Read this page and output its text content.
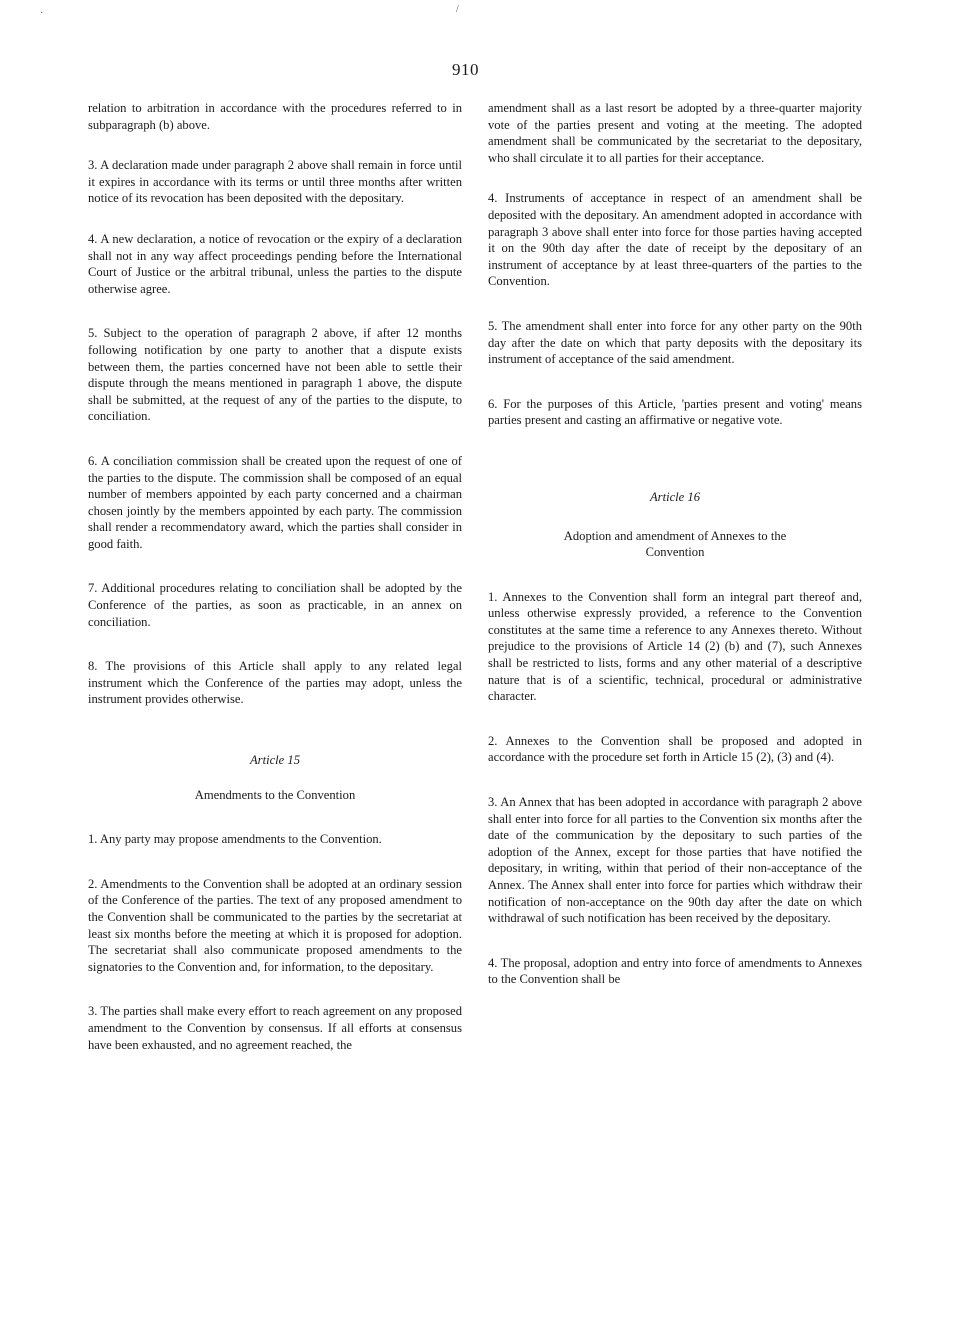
910
·	/

relation to arbitration in accordance with the procedures referred to in subparagraph (b) above.

3. A declaration made under paragraph 2 above shall remain in force until it expires in accordance with its terms or until three months after written notice of its revocation has been deposited with the depositary.

4. A new declaration, a notice of revocation or the expiry of a declaration shall not in any way affect proceedings pending before the International Court of Justice or the arbitral tribunal, unless the parties to the dispute otherwise agree.

5. Subject to the operation of paragraph 2 above, if after 12 months following notification by one party to another that a dispute exists between them, the parties concerned have not been able to settle their dispute through the means mentioned in paragraph 1 above, the dispute shall be submitted, at the request of any of the parties to the dispute, to conciliation.

6. A conciliation commission shall be created upon the request of one of the parties to the dispute. The commission shall be composed of an equal number of members appointed by each party concerned and a chairman chosen jointly by the members appointed by each party. The commission shall render a recommendatory award, which the parties shall consider in good faith.

7. Additional procedures relating to conciliation shall be adopted by the Conference of the parties, as soon as practicable, in an annex on conciliation.

8. The provisions of this Article shall apply to any related legal instrument which the Conference of the parties may adopt, unless the instrument provides otherwise.

Article 15

Amendments to the Convention

1. Any party may propose amendments to the Convention.

2. Amendments to the Convention shall be adopted at an ordinary session of the Conference of the parties. The text of any proposed amendment to the Convention shall be communicated to the parties by the secretariat at least six months before the meeting at which it is proposed for adoption. The secretariat shall also communicate proposed amendments to the signatories to the Convention and, for information, to the depositary.

3. The parties shall make every effort to reach agreement on any proposed amendment to the Convention by consensus. If all efforts at consensus have been exhausted, and no agreement reached, the

amendment shall as a last resort be adopted by a three-quarter majority vote of the parties present and voting at the meeting. The adopted amendment shall be communicated by the secretariat to the depositary, who shall circulate it to all parties for their acceptance.

4. Instruments of acceptance in respect of an amendment shall be deposited with the depositary. An amendment adopted in accordance with paragraph 3 above shall enter into force for those parties having accepted it on the 90th day after the date of receipt by the depositary of an instrument of acceptance by at least three-quarters of the parties to the Convention.

5. The amendment shall enter into force for any other party on the 90th day after the date on which that party deposits with the depositary its instrument of acceptance of the said amendment.

6. For the purposes of this Article, 'parties present and voting' means parties present and casting an affirmative or negative vote.

Article 16

Adoption and amendment of Annexes to the Convention

1. Annexes to the Convention shall form an integral part thereof and, unless otherwise expressly provided, a reference to the Convention constitutes at the same time a reference to any Annexes thereto. Without prejudice to the provisions of Article 14 (2) (b) and (7), such Annexes shall be restricted to lists, forms and any other material of a descriptive nature that is of a scientific, technical, procedural or administrative character.

2. Annexes to the Convention shall be proposed and adopted in accordance with the procedure set forth in Article 15 (2), (3) and (4).

3. An Annex that has been adopted in accordance with paragraph 2 above shall enter into force for all parties to the Convention six months after the date of the communication by the depositary to such parties of the adoption of the Annex, except for those parties that have notified the depositary, in writing, within that period of their non-acceptance of the Annex. The Annex shall enter into force for parties which withdraw their notification of non-acceptance on the 90th day after the date on which withdrawal of such notification has been received by the depositary.

4. The proposal, adoption and entry into force of amendments to Annexes to the Convention shall be
